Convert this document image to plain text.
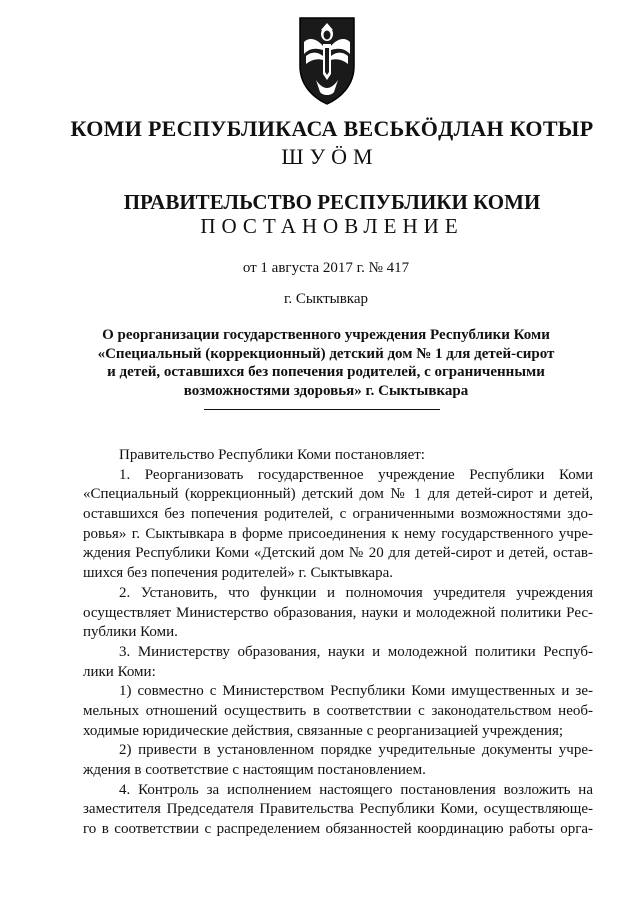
КОМИ РЕСПУБЛИКАСА ВЕСЬКÖДЛАН КОТЫР
ШУÖМ
ПРАВИТЕЛЬСТВО РЕСПУБЛИКИ КОМИ
ПОСТАНОВЛЕНИЕ
от 1 августа 2017 г. № 417
г. Сыктывкар
О реорганизации государственного учреждения Республики Коми
«Специальный (коррекционный) детский дом № 1 для детей-сирот
и детей, оставшихся без попечения родителей, с ограниченными
возможностями здоровья» г. Сыктывкара
Правительство Республики Коми постановляет:
1. Реорганизовать государственное учреждение Республики Коми
«Специальный (коррекционный) детский дом № 1 для детей-сирот и детей,
оставшихся без попечения родителей, с ограниченными возможностями здо-
ровья» г. Сыктывкара в форме присоединения к нему государственного учре-
ждения Республики Коми «Детский дом № 20 для детей-сирот и детей, остав-
шихся без попечения родителей» г. Сыктывкара.
2. Установить, что функции и полномочия учредителя учреждения
осуществляет Министерство образования, науки и молодежной политики Рес-
публики Коми.
3. Министерству образования, науки и молодежной политики Респуб-
лики Коми:
1) совместно с Министерством Республики Коми имущественных и зе-
мельных отношений осуществить в соответствии с законодательством необ-
ходимые юридические действия, связанные с реорганизацией учреждения;
2) привести в установленном порядке учредительные документы учре-
ждения в соответствие с настоящим постановлением.
4. Контроль за исполнением настоящего постановления возложить на
заместителя Председателя Правительства Республики Коми, осуществляюще-
го в соответствии с распределением обязанностей координацию работы орга-
